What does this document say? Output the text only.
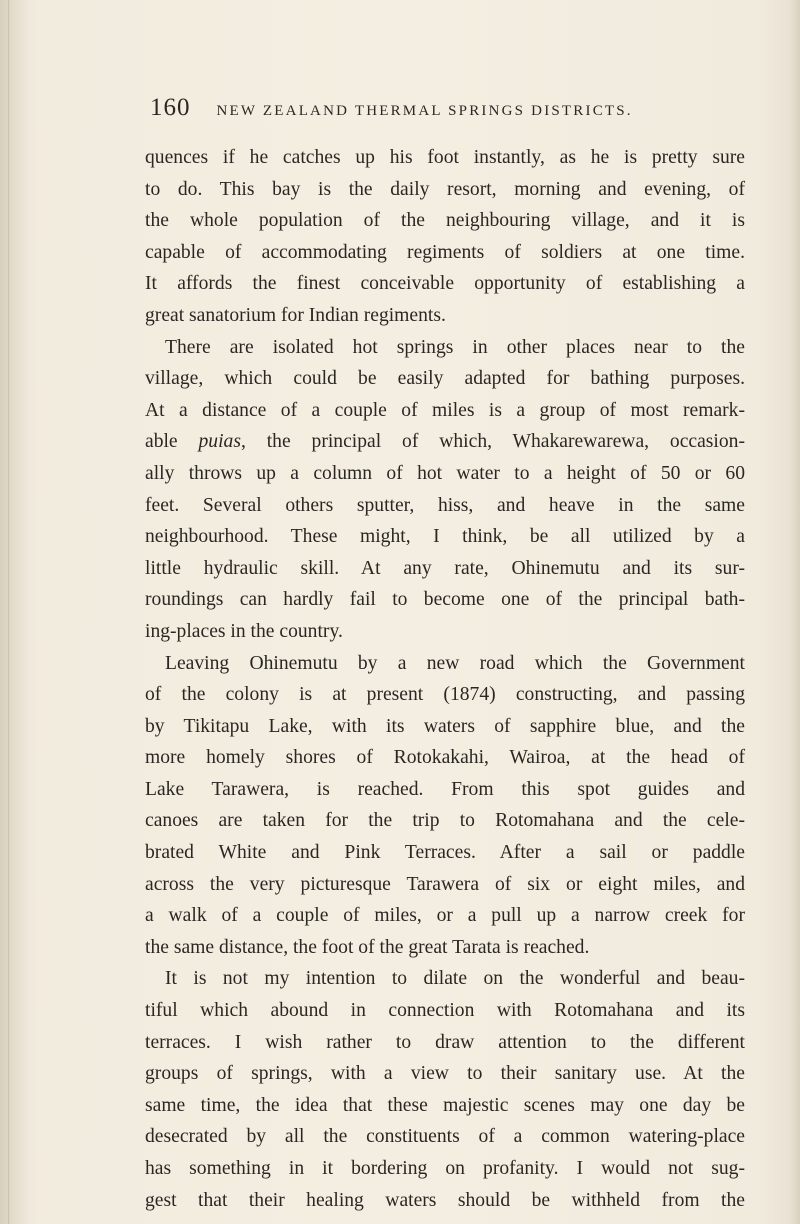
160 NEW ZEALAND THERMAL SPRINGS DISTRICTS.
quences if he catches up his foot instantly, as he is pretty sure
to do. This bay is the daily resort, morning and evening, of
the whole population of the neighbouring village, and it is
capable of accommodating regiments of soldiers at one time.
It affords the finest conceivable opportunity of establishing a
great sanatorium for Indian regiments.
There are isolated hot springs in other places near to the
village, which could be easily adapted for bathing purposes.
At a distance of a couple of miles is a group of most remark-
able puias, the principal of which, Whakarewarewa, occasion-
ally throws up a column of hot water to a height of 50 or 60
feet. Several others sputter, hiss, and heave in the same
neighbourhood. These might, I think, be all utilized by a
little hydraulic skill. At any rate, Ohinemutu and its sur-
roundings can hardly fail to become one of the principal bath-
ing-places in the country.
Leaving Ohinemutu by a new road which the Government
of the colony is at present (1874) constructing, and passing
by Tikitapu Lake, with its waters of sapphire blue, and the
more homely shores of Rotokakahi, Wairoa, at the head of
Lake Tarawera, is reached. From this spot guides and
canoes are taken for the trip to Rotomahana and the cele-
brated White and Pink Terraces. After a sail or paddle
across the very picturesque Tarawera of six or eight miles, and
a walk of a couple of miles, or a pull up a narrow creek for
the same distance, the foot of the great Tarata is reached.
It is not my intention to dilate on the wonderful and beau-
tiful which abound in connection with Rotomahana and its
terraces. I wish rather to draw attention to the different
groups of springs, with a view to their sanitary use. At the
same time, the idea that these majestic scenes may one day be
desecrated by all the constituents of a common watering-place
has something in it bordering on profanity. I would not sug-
gest that their healing waters should be withheld from the
